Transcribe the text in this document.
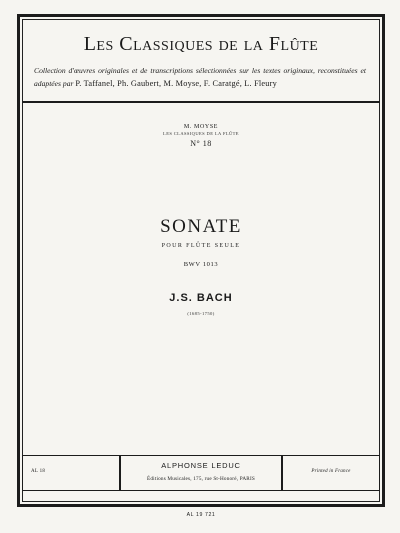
Les Classiques de la Flûte
Collection d'œuvres originales et de transcriptions sélectionnées sur les textes originaux, reconstituées et adaptées par P. Taffanel, Ph. Gaubert, M. Moyse, F. Caratgé, L. Fleury
M. MOYSE
LES CLASSIQUES DE LA FLÛTE
N° 18
SONATE
POUR FLÛTE SEULE
BWV 1013
J.S. BACH
(1685-1750)
AL 18
ALPHONSE LEDUC
Éditions Musicales, 175, rue St-Honoré, PARIS
Printed in France
AL 19 721
